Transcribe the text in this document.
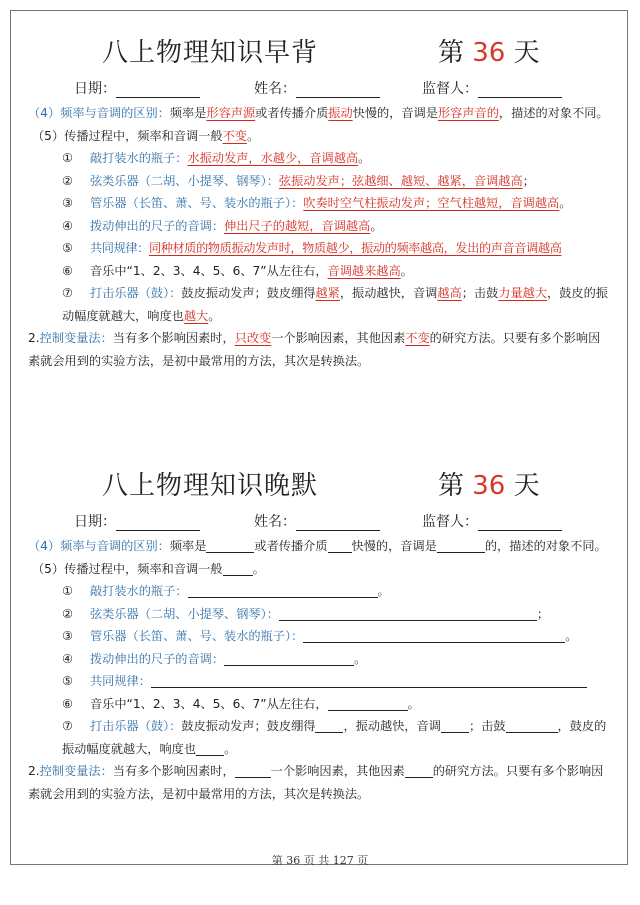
八上物理知识早背	第 36 天
日期：	姓名：	监督人：
（4）频率与音调的区别：频率是形容声源或者传播介质振动快慢的，音调是形容声音的，描述的对象不同。
（5）传播过程中，频率和音调一般不变。
① 敲打装水的瓶子：水振动发声，水越少，音调越高。
② 弦类乐器（二胡、小提琴、钢琴）：弦振动发声；弦越细、越短、越紧，音调越高；
③ 管乐器（长笛、萧、号、装水的瓶子）：吹奏时空气柱振动发声；空气柱越短，音调越高。
④ 拨动伸出的尺子的音调：伸出尺子的越短，音调越高。
⑤ 共同规律：同种材质的物质振动发声时，物质越少，振动的频率越高，发出的声音音调越高
⑥ 音乐中“1、2、3、4、5、6、7”从左往右，音调越来越高。
⑦ 打击乐器（鼓）：鼓皮振动发声；鼓皮绷得越紧，振动越快，音调越高；击鼓力量越大，鼓皮的振动幅度就越大，响度也越大。
2.控制变量法：当有多个影响因素时，只改变一个影响因素，其他因素不变的研究方法。只要有多个影响因素就会用到的实验方法，是初中最常用的方法，其次是转换法。
八上物理知识晚默	第 36 天
日期：	姓名：	监督人：
（4）频率与音调的区别：频率是	或者传播介质 快慢的，音调是	的，描述的对象不同。
（5）传播过程中，频率和音调一般 。
① 敲打装水的瓶子：	。
② 弦类乐器（二胡、小提琴、钢琴）：	；
③ 管乐器（长笛、萧、号、装水的瓶子）：	。
④ 拨动伸出的尺子的音调：	。
⑤ 共同规律：
⑥ 音乐中“1、2、3、4、5、6、7”从左往右，	。
⑦ 打击乐器（鼓）：鼓皮振动发声；鼓皮绷得 ，振动越快，音调 ；击鼓	，鼓皮的振动幅度就越大，响度也 。
2.控制变量法：当有多个影响因素时，	一个影响因素，其他因素 的研究方法。只要有多个影响因素就会用到的实验方法，是初中最常用的方法，其次是转换法。
第 36 页 共 127 页
